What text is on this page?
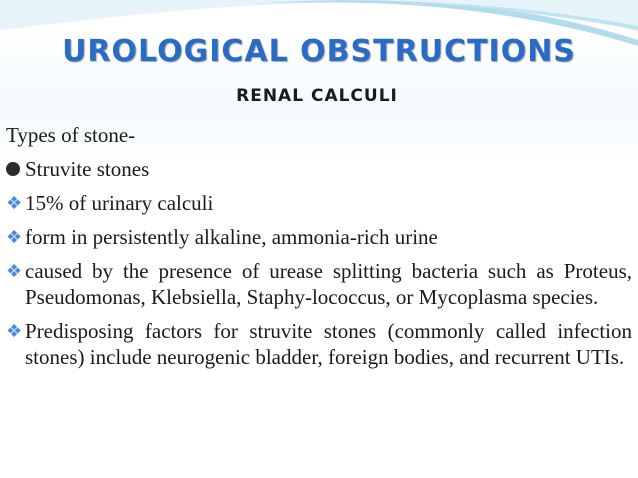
UROLOGICAL OBSTRUCTIONS
RENAL CALCULI
Types of stone-
Struvite stones
❖ 15% of urinary calculi
❖ form in persistently alkaline, ammonia-rich urine
❖ caused by the presence of urease splitting bacteria such as Proteus, Pseudomonas, Klebsiella, Staphy-lococcus, or Mycoplasma species.
❖ Predisposing factors for struvite stones (commonly called infection stones) include neurogenic bladder, foreign bodies, and recurrent UTIs.
